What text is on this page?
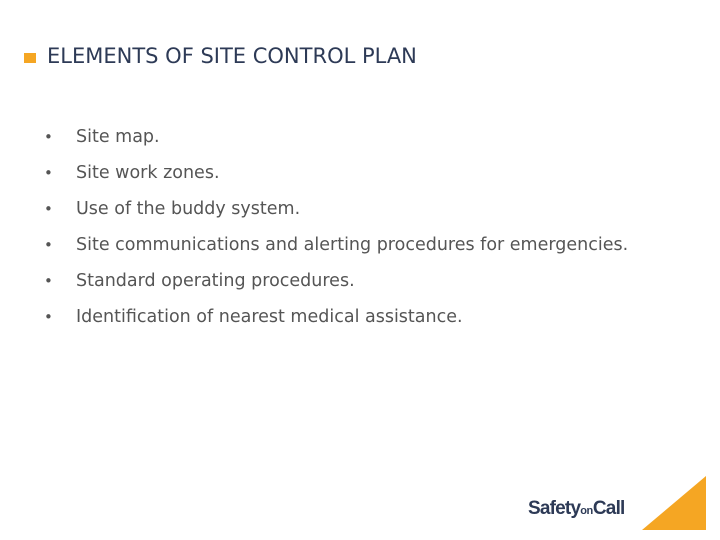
ELEMENTS OF SITE CONTROL PLAN
•	Site map.
•	Site work zones.
•	Use of the buddy system.
•	Site communications and alerting procedures for emergencies.
•	Standard operating procedures.
•	Identification of nearest medical assistance.
SafetyonCall
